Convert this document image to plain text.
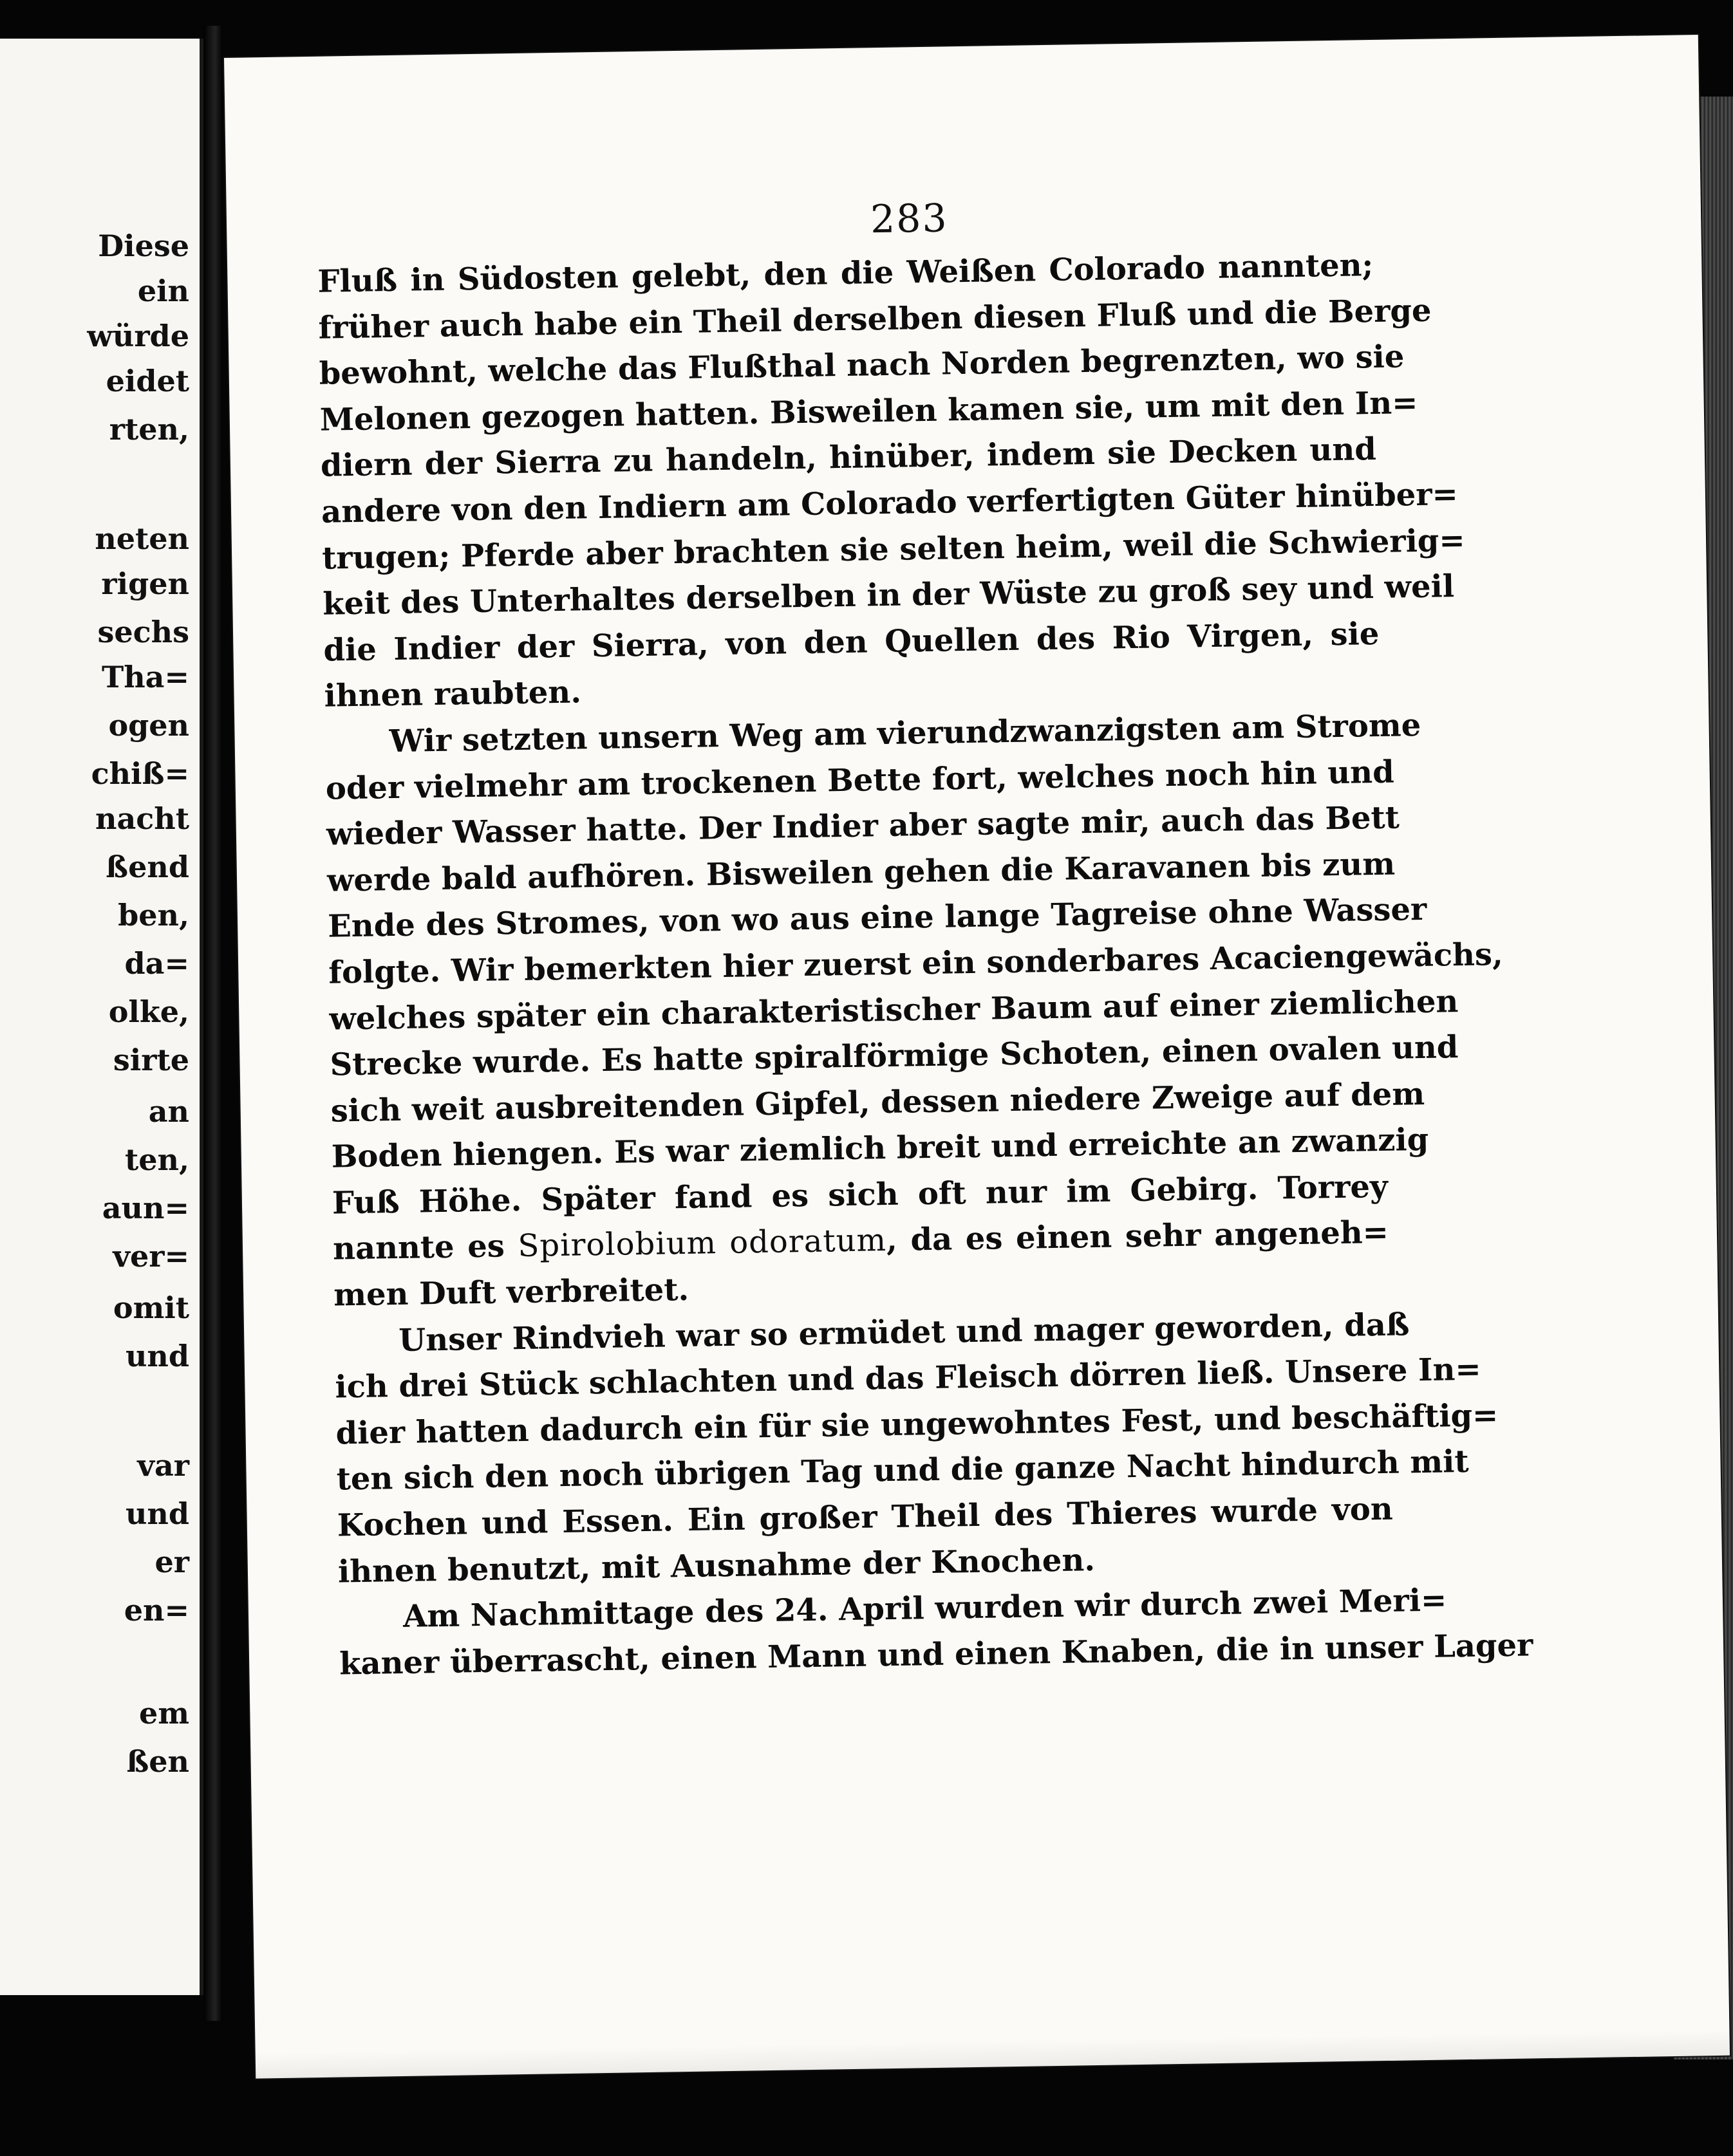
Diese
ein
würde
eidet
rten,
neten
rigen
sechs
Tha=
ogen
chiß=
nacht
ßend
ben,
da=
olke,
sirte
an
ten,
aun=
ver=
omit
und
var
und
er
en=
em
ßen
283
Fluß in Südosten gelebt, den die Weißen Colorado nannten;
früher auch habe ein Theil derselben diesen Fluß und die Berge
bewohnt, welche das Flußthal nach Norden begrenzten, wo sie
Melonen gezogen hatten. Bisweilen kamen sie, um mit den In=
diern der Sierra zu handeln, hinüber, indem sie Decken und
andere von den Indiern am Colorado verfertigten Güter hinüber=
trugen; Pferde aber brachten sie selten heim, weil die Schwierig=
keit des Unterhaltes derselben in der Wüste zu groß sey und weil
die Indier der Sierra, von den Quellen des Rio Virgen, sie
ihnen raubten.
Wir setzten unsern Weg am vierundzwanzigsten am Strome
oder vielmehr am trockenen Bette fort, welches noch hin und
wieder Wasser hatte. Der Indier aber sagte mir, auch das Bett
werde bald aufhören. Bisweilen gehen die Karavanen bis zum
Ende des Stromes, von wo aus eine lange Tagreise ohne Wasser
folgte. Wir bemerkten hier zuerst ein sonderbares Acaciengewächs,
welches später ein charakteristischer Baum auf einer ziemlichen
Strecke wurde. Es hatte spiralförmige Schoten, einen ovalen und
sich weit ausbreitenden Gipfel, dessen niedere Zweige auf dem
Boden hiengen. Es war ziemlich breit und erreichte an zwanzig
Fuß Höhe. Später fand es sich oft nur im Gebirg. Torrey
nannte es Spirolobium odoratum, da es einen sehr angeneh=
men Duft verbreitet.
Unser Rindvieh war so ermüdet und mager geworden, daß
ich drei Stück schlachten und das Fleisch dörren ließ. Unsere In=
dier hatten dadurch ein für sie ungewohntes Fest, und beschäftig=
ten sich den noch übrigen Tag und die ganze Nacht hindurch mit
Kochen und Essen. Ein großer Theil des Thieres wurde von
ihnen benutzt, mit Ausnahme der Knochen.
Am Nachmittage des 24. April wurden wir durch zwei Meri=
kaner überrascht, einen Mann und einen Knaben, die in unser Lager
